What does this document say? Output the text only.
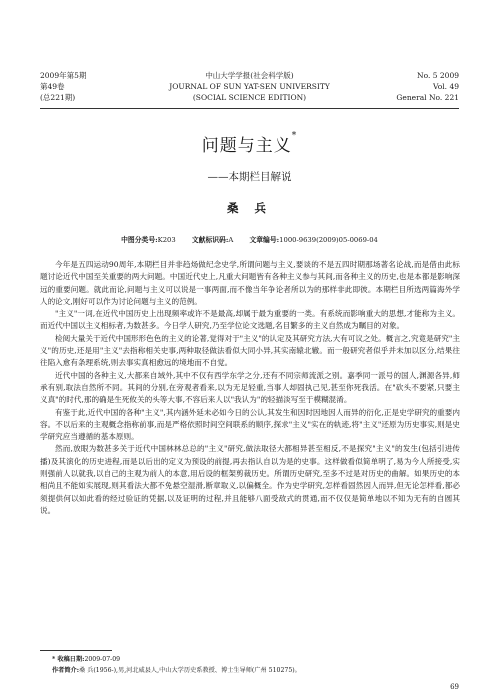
2009年第5期
第49卷
(总221期)
中山大学学报(社会科学版)
JOURNAL OF SUN YAT-SEN UNIVERSITY
(SOCIAL SCIENCE EDITION)
No. 5 2009
Vol. 49
General No. 221
问题与主义*
——本期栏目解说
桑 兵
中图分类号:K203 文献标识码:A 文章编号:1000-9639(2009)05-0069-04

今年是五四运动90周年,本期栏目并非趋炀做纪念史学,所谓问题与主义,要谈的不是五四时期那场著名论战,而是借由此标题讨论近代中国至关重要的两大问题。中国近代史上,凡重大问题皆有各种主义参与其间,而各种主义的历史,也是本都是影响深远的重要问题。就此而论,问题与主义可以说是一事两面,而不像当年争论者所以为的那样非此即彼。本期栏目所选两篇海外学人的论文,刚好可以作为讨论问题与主义的范例。

"主义"一词,在近代中国历史上出现频率或许不是最高,却属于最为重要的一类。有系统而影响重大的思想,才能称为主义。而近代中国以主义相标者,为数甚多。今日学人研究,乃至学位论文选题,名目繁多的主义自然成为瞩目的对象。

检阅大量关于近代中国形形色色的主义的论著,觉得对于"主义"的认定及其研究方法,大有可议之处。概言之,究竟是研究"主义"的历史,还是用"主义"去指称相关史事,两种取径做法看似大同小异,其实南辕北辙。而一般研究者似乎并未加以区分,结果往往陷入愈有条理系统,则去事实真相愈远的境地而不自觉。

近代中国的各种主义,大都来自域外,其中不仅有西学东学之分,还有不同宗师流派之别。嘉季同一派号的国人,渊源各异,师承有别,取法自然所不同。其间的分别,在旁观者看来,以为无足轻重,当事人却固执己见,甚至你死我活。在"砍头不要紧,只要主义真"的时代,那的确是生死攸关的头等大事,不容后来人以"我认为"的轻描淡写至于模糊混淆。

有鉴于此,近代中国的各种"主义",其内涵外延未必如今日的公认,其发生和因时因地因人而异的衍化,正是史学研究的重要内容。不以后来的主观概念指称前事,而是严格依照时间空间联系的顺序,探求"主义"实在的轨迹,将"主义"还原为历史事实,则是史学研究应当遵循的基本原则。

然而,放眼为数甚多关于近代中国林林总总的"主义"研究,做法取径大都相异甚至相反,不是探究"主义"的发生(包括引进传播)及其演化的历史进程,而是以后出的定义为预设的前提,再去指认自以为是的史事。这样做看似简单明了,易为今人所接受,实则强前人以就我,以自己的主观为前人的本意,用后设的框架剪裁历史。所谓历史研究,至多不过是对历史的曲解。如果历史的本相尚且不能如实展现,则其看法大都不免悬空湿滑,断章取义,以偏概全。作为史学研究,怎样看固然因人而异,但无论怎样看,都必须提供何以如此看的经过验证的凭据,以及证明的过程,并且能够八面受敌式的贯通,而不仅仅是简单地以不知为无有的自圆其说。

* 收稿日期:2009-07-09
作者简介:桑 兵(1956-),男,河北威县人,中山大学历史系教授、博士生导师(广州 510275)。
69
